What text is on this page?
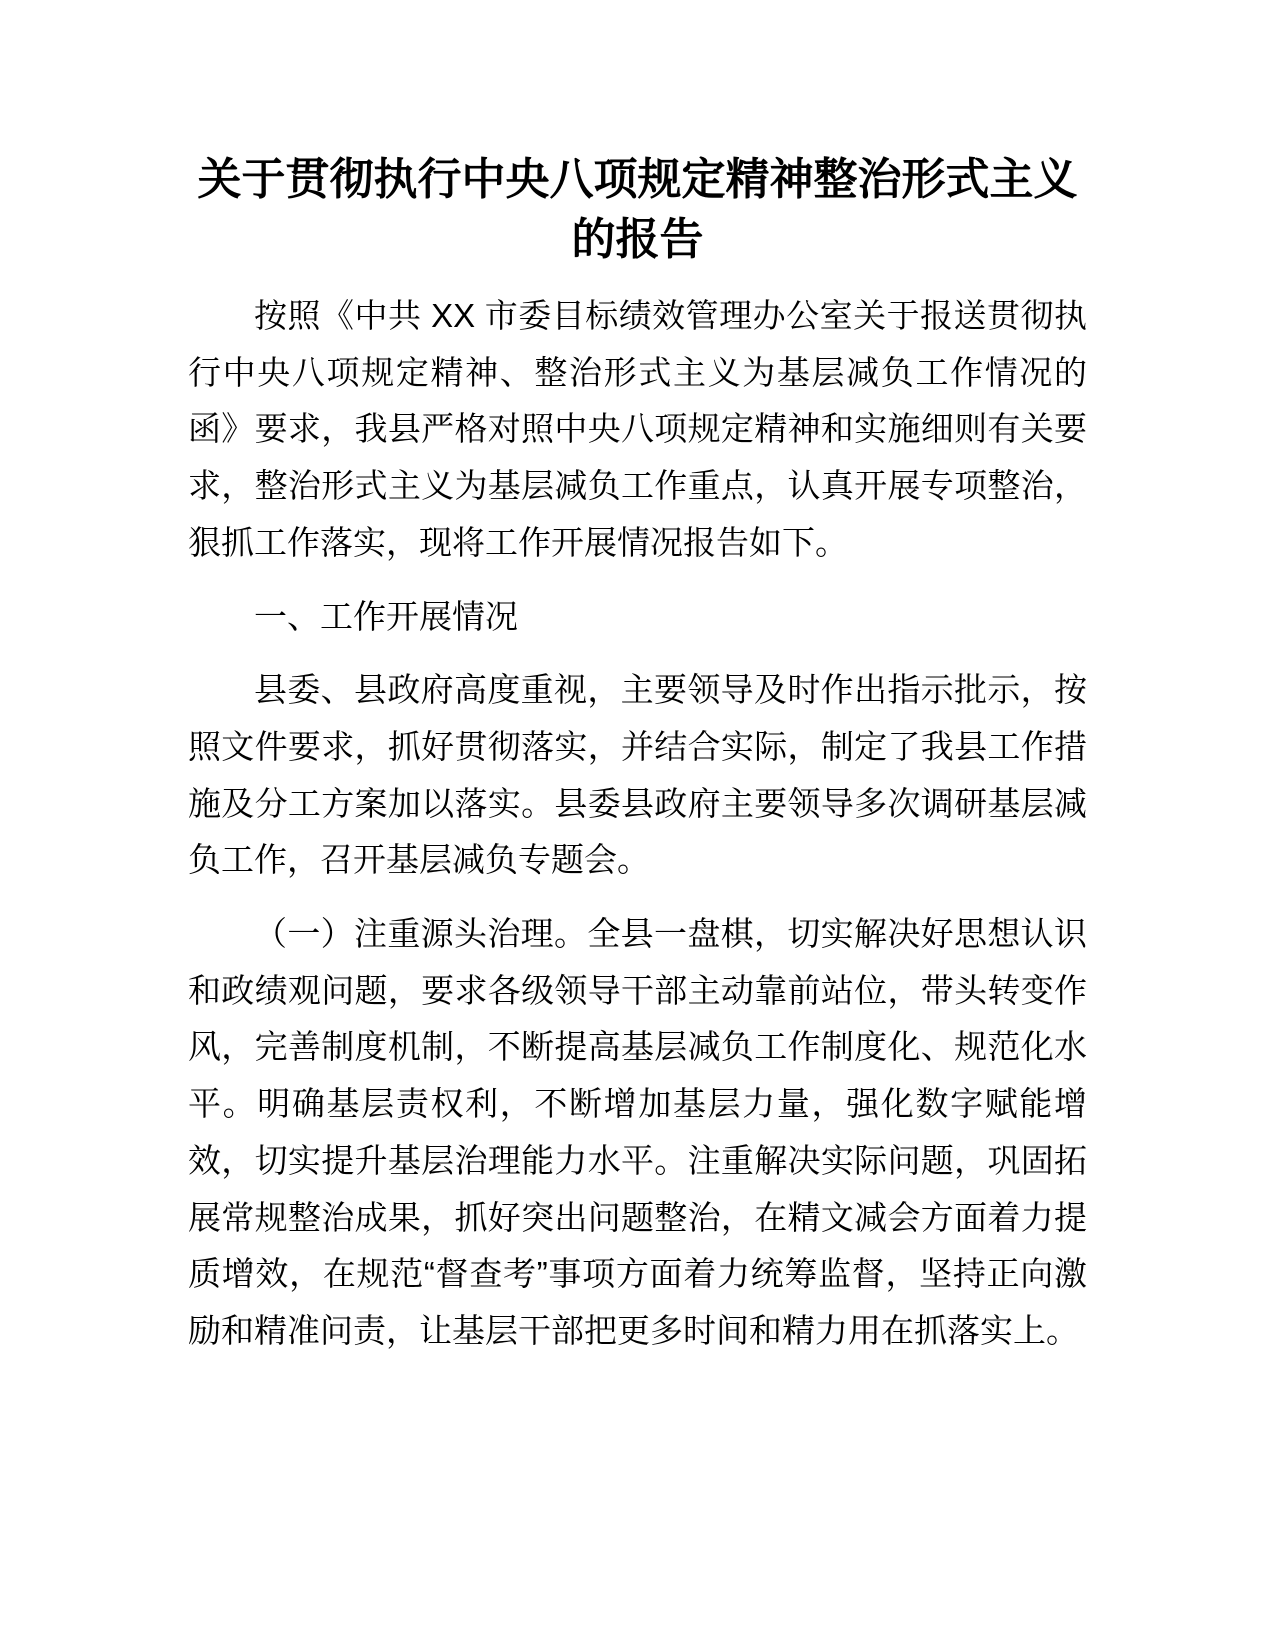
关于贯彻执行中央八项规定精神整治形式主义的报告

按照《中共 XX 市委目标绩效管理办公室关于报送贯彻执行中央八项规定精神、整治形式主义为基层减负工作情况的函》要求，我县严格对照中央八项规定精神和实施细则有关要求，整治形式主义为基层减负工作重点，认真开展专项整治，狠抓工作落实，现将工作开展情况报告如下。

一、工作开展情况

县委、县政府高度重视，主要领导及时作出指示批示，按照文件要求，抓好贯彻落实，并结合实际，制定了我县工作措施及分工方案加以落实。县委县政府主要领导多次调研基层减负工作，召开基层减负专题会。

（一）注重源头治理。全县一盘棋，切实解决好思想认识和政绩观问题，要求各级领导干部主动靠前站位，带头转变作风，完善制度机制，不断提高基层减负工作制度化、规范化水平。明确基层责权利，不断增加基层力量，强化数字赋能增效，切实提升基层治理能力水平。注重解决实际问题，巩固拓展常规整治成果，抓好突出问题整治，在精文减会方面着力提质增效，在规范“督查考”事项方面着力统筹监督，坚持正向激励和精准问责，让基层干部把更多时间和精力用在抓落实上。
